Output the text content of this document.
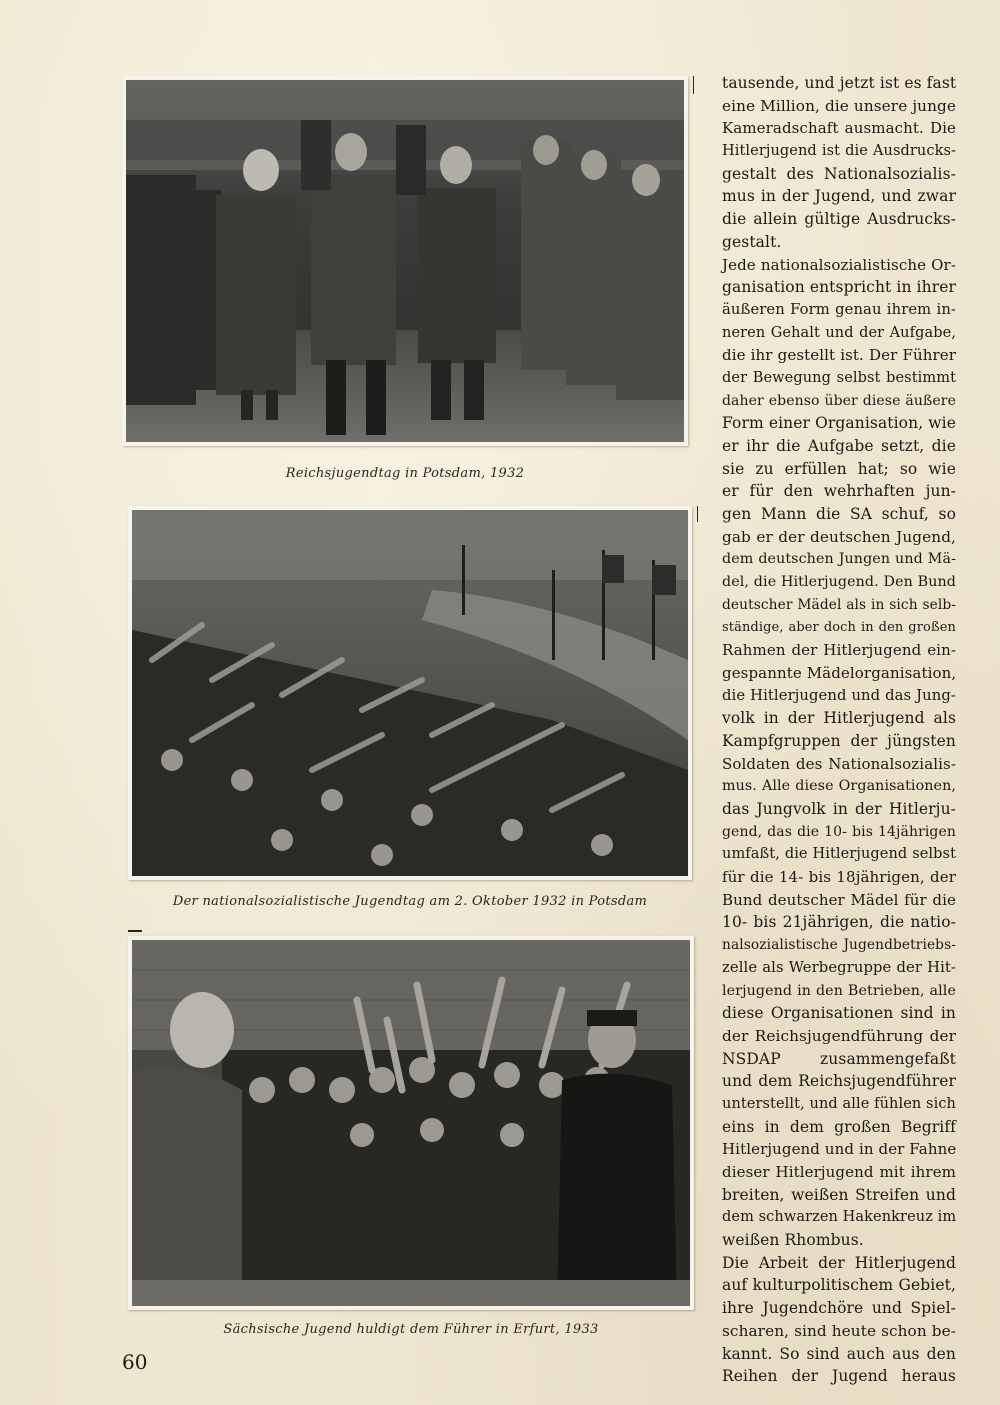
Reichsjugendtag in Potsdam, 1932
Der nationalsozialistische Jugendtag am 2. Oktober 1932 in Potsdam
Sächsische Jugend huldigt dem Führer in Erfurt, 1933
tausende, und jetzt ist es fast
eine Million, die unsere junge
Kameradschaft ausmacht. Die
Hitlerjugend ist die Ausdrucks-
gestalt des Nationalsozialis-
mus in der Jugend, und zwar
die allein gültige Ausdrucks-
gestalt.
Jede nationalsozialistische Or-
ganisation entspricht in ihrer
äußeren Form genau ihrem in-
neren Gehalt und der Aufgabe,
die ihr gestellt ist. Der Führer
der Bewegung selbst bestimmt
daher ebenso über diese äußere
Form einer Organisation, wie
er ihr die Aufgabe setzt, die
sie zu erfüllen hat; so wie
er für den wehrhaften jun-
gen Mann die SA schuf, so
gab er der deutschen Jugend,
dem deutschen Jungen und Mä-
del, die Hitlerjugend. Den Bund
deutscher Mädel als in sich selb-
ständige, aber doch in den großen
Rahmen der Hitlerjugend ein-
gespannte Mädelorganisation,
die Hitlerjugend und das Jung-
volk in der Hitlerjugend als
Kampfgruppen der jüngsten
Soldaten des Nationalsozialis-
mus. Alle diese Organisationen,
das Jungvolk in der Hitlerju-
gend, das die 10- bis 14jährigen
umfaßt, die Hitlerjugend selbst
für die 14- bis 18jährigen, der
Bund deutscher Mädel für die
10- bis 21jährigen, die natio-
nalsozialistische Jugendbetriebs-
zelle als Werbegruppe der Hit-
lerjugend in den Betrieben, alle
diese Organisationen sind in
der Reichsjugendführung der
NSDAP zusammengefaßt
und dem Reichsjugendführer
unterstellt, und alle fühlen sich
eins in dem großen Begriff
Hitlerjugend und in der Fahne
dieser Hitlerjugend mit ihrem
breiten, weißen Streifen und
dem schwarzen Hakenkreuz im
weißen Rhombus.
Die Arbeit der Hitlerjugend
auf kulturpolitischem Gebiet,
ihre Jugendchöre und Spiel-
scharen, sind heute schon be-
kannt. So sind auch aus den
Reihen der Jugend heraus
60
